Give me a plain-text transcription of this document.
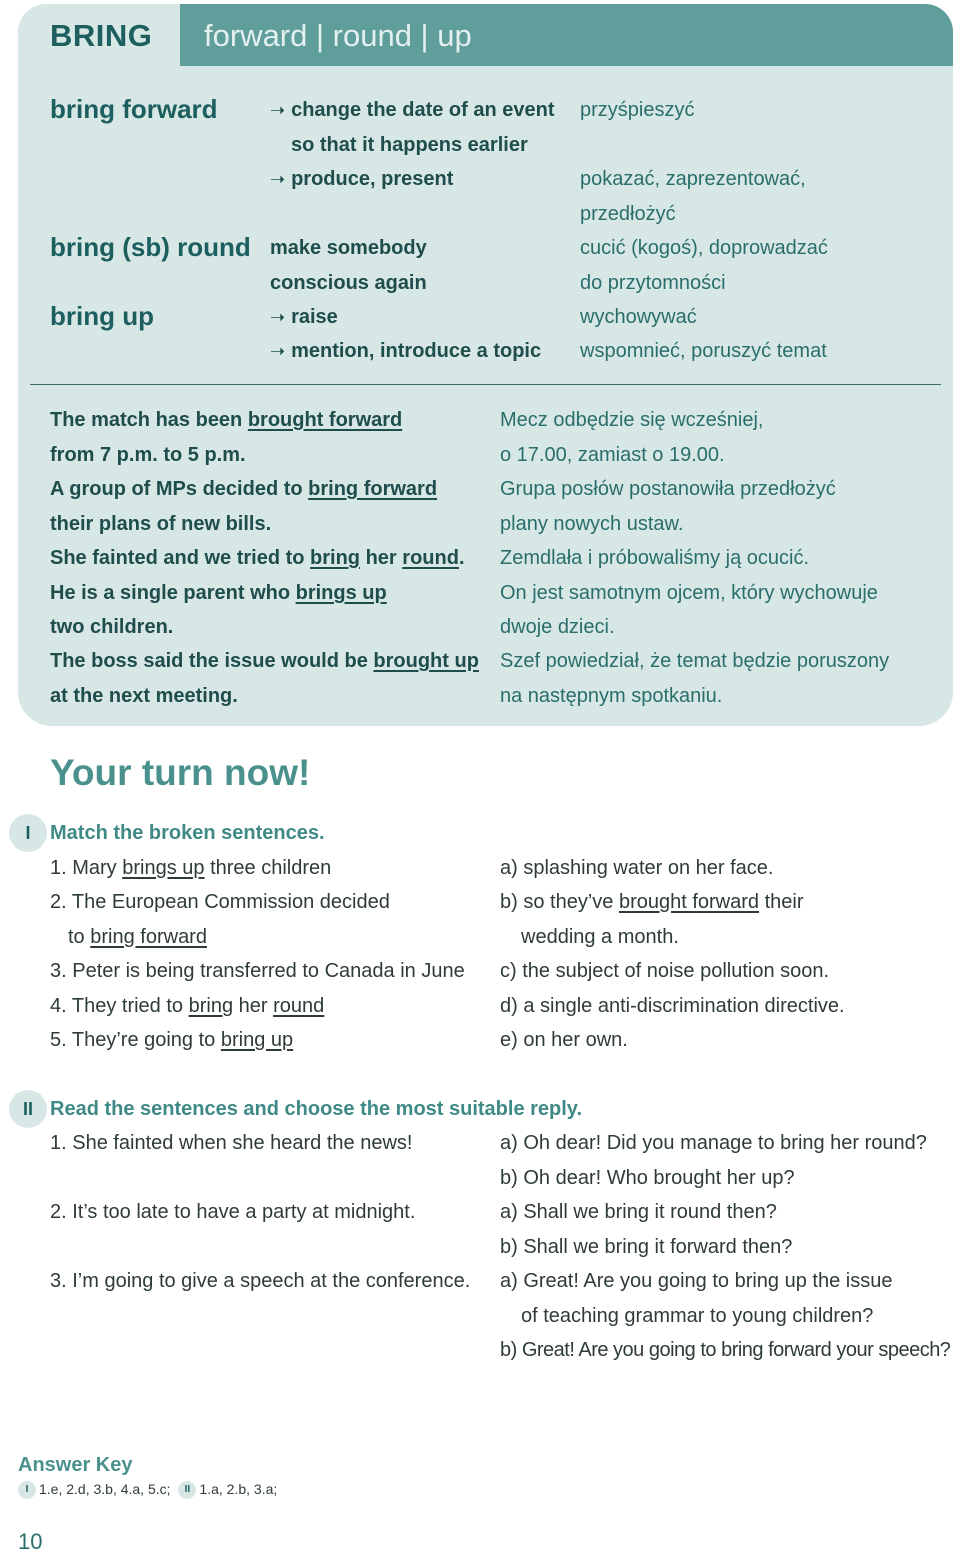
BRING forward | round | up
bring forward	➝ change the date of an event
so that it happens earlier
➝ produce, present
przyśpieszyć
pokazać, zaprezentować,
przedłożyć
bring (sb) round make somebody
conscious again
cucić (kogoś), doprowadzać
do przytomności
bring up	➝ raise
➝ mention, introduce a topic
wychowywać
wspomnieć, poruszyć temat
The match has been brought forward
from 7 p.m. to 5 p.m.
Mecz odbędzie się wcześniej,
o 17.00, zamiast o 19.00.
A group of MPs decided to bring forward
their plans of new bills.
Grupa posłów postanowiła przedłożyć
plany nowych ustaw.
She fainted and we tried to bring her round. Zemdlała i próbowaliśmy ją ocucić.
He is a single parent who brings up
two children.
On jest samotnym ojcem, który wychowuje
dwoje dzieci.
The boss said the issue would be brought up
at the next meeting.
Szef powiedział, że temat będzie poruszony
na następnym spotkaniu.
Your turn now!
I Match the broken sentences.
1. Mary brings up three children
2. The European Commission decided
to bring forward
3. Peter is being transferred to Canada in June
4. They tried to bring her round
5. They’re going to bring up
a) splashing water on her face.
b) so they’ve brought forward their
wedding a month.
c) the subject of noise pollution soon.
d) a single anti-discrimination directive.
e) on her own.
II Read the sentences and choose the most suitable reply.
1. She fainted when she heard the news!
2. It’s too late to have a party at midnight.
3. I’m going to give a speech at the conference.
a) Oh dear! Did you manage to bring her round?
b) Oh dear! Who brought her up?
a) Shall we bring it round then?
b) Shall we bring it forward then?
a) Great! Are you going to bring up the issue
of teaching grammar to young children?
b) Great! Are you going to bring forward your speech?
Answer Key
I 1.e, 2.d, 3.b, 4.a, 5.c; II 1.a, 2.b, 3.a;
10
